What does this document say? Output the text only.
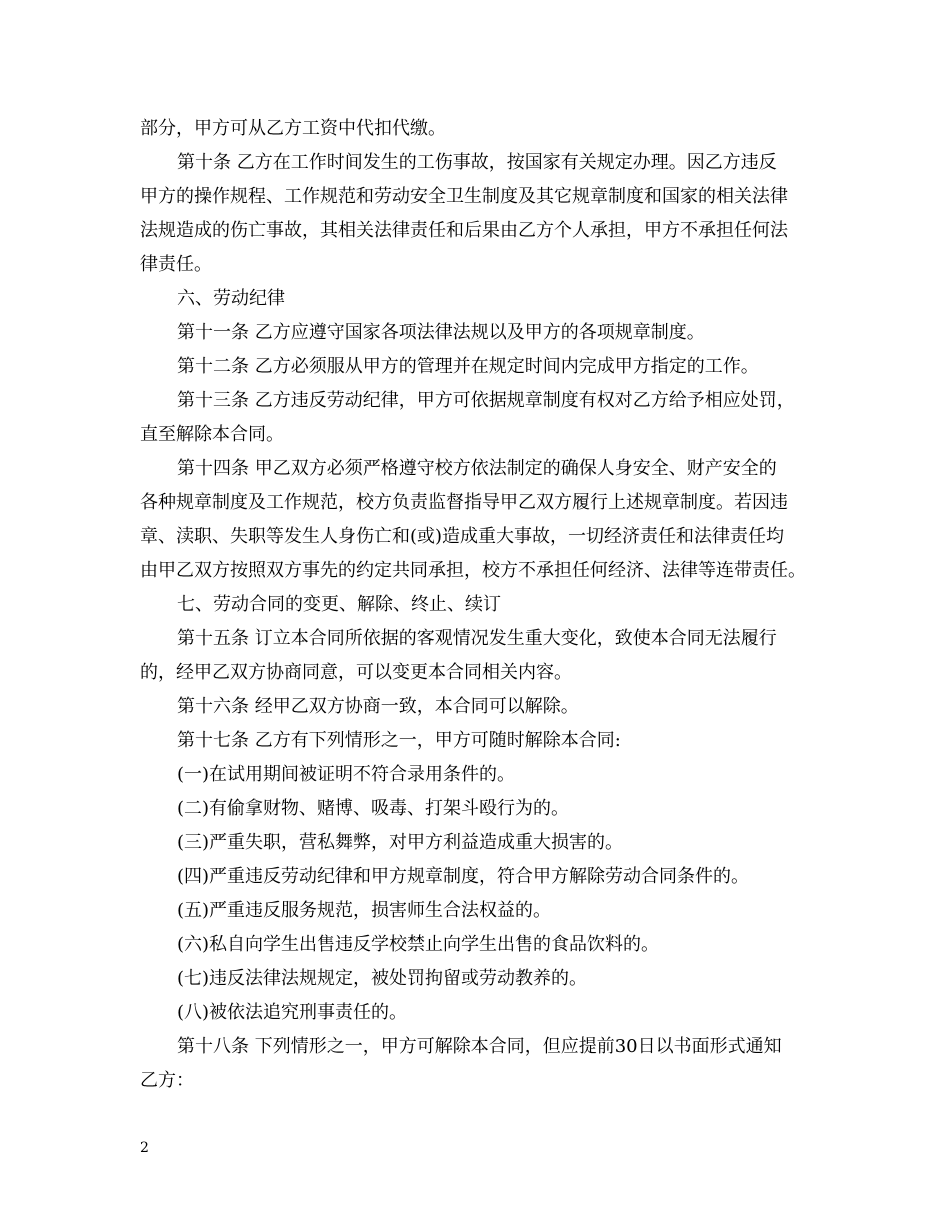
部分，甲方可从乙方工资中代扣代缴。
第十条 乙方在工作时间发生的工伤事故，按国家有关规定办理。因乙方违反
甲方的操作规程、工作规范和劳动安全卫生制度及其它规章制度和国家的相关法律
法规造成的伤亡事故，其相关法律责任和后果由乙方个人承担，甲方不承担任何法
律责任。
六、劳动纪律
第十一条 乙方应遵守国家各项法律法规以及甲方的各项规章制度。
第十二条 乙方必须服从甲方的管理并在规定时间内完成甲方指定的工作。
第十三条 乙方违反劳动纪律，甲方可依据规章制度有权对乙方给予相应处罚，
直至解除本合同。
第十四条 甲乙双方必须严格遵守校方依法制定的确保人身安全、财产安全的
各种规章制度及工作规范，校方负责监督指导甲乙双方履行上述规章制度。若因违
章、渎职、失职等发生人身伤亡和(或)造成重大事故，一切经济责任和法律责任均
由甲乙双方按照双方事先的约定共同承担，校方不承担任何经济、法律等连带责任。
七、劳动合同的变更、解除、终止、续订
第十五条 订立本合同所依据的客观情况发生重大变化，致使本合同无法履行
的，经甲乙双方协商同意，可以变更本合同相关内容。
第十六条 经甲乙双方协商一致，本合同可以解除。
第十七条 乙方有下列情形之一，甲方可随时解除本合同:
(一)在试用期间被证明不符合录用条件的。
(二)有偷拿财物、赌博、吸毒、打架斗殴行为的。
(三)严重失职，营私舞弊，对甲方利益造成重大损害的。
(四)严重违反劳动纪律和甲方规章制度，符合甲方解除劳动合同条件的。
(五)严重违反服务规范，损害师生合法权益的。
(六)私自向学生出售违反学校禁止向学生出售的食品饮料的。
(七)违反法律法规规定，被处罚拘留或劳动教养的。
(八)被依法追究刑事责任的。
第十八条 下列情形之一，甲方可解除本合同，但应提前30日以书面形式通知
乙方：
2
